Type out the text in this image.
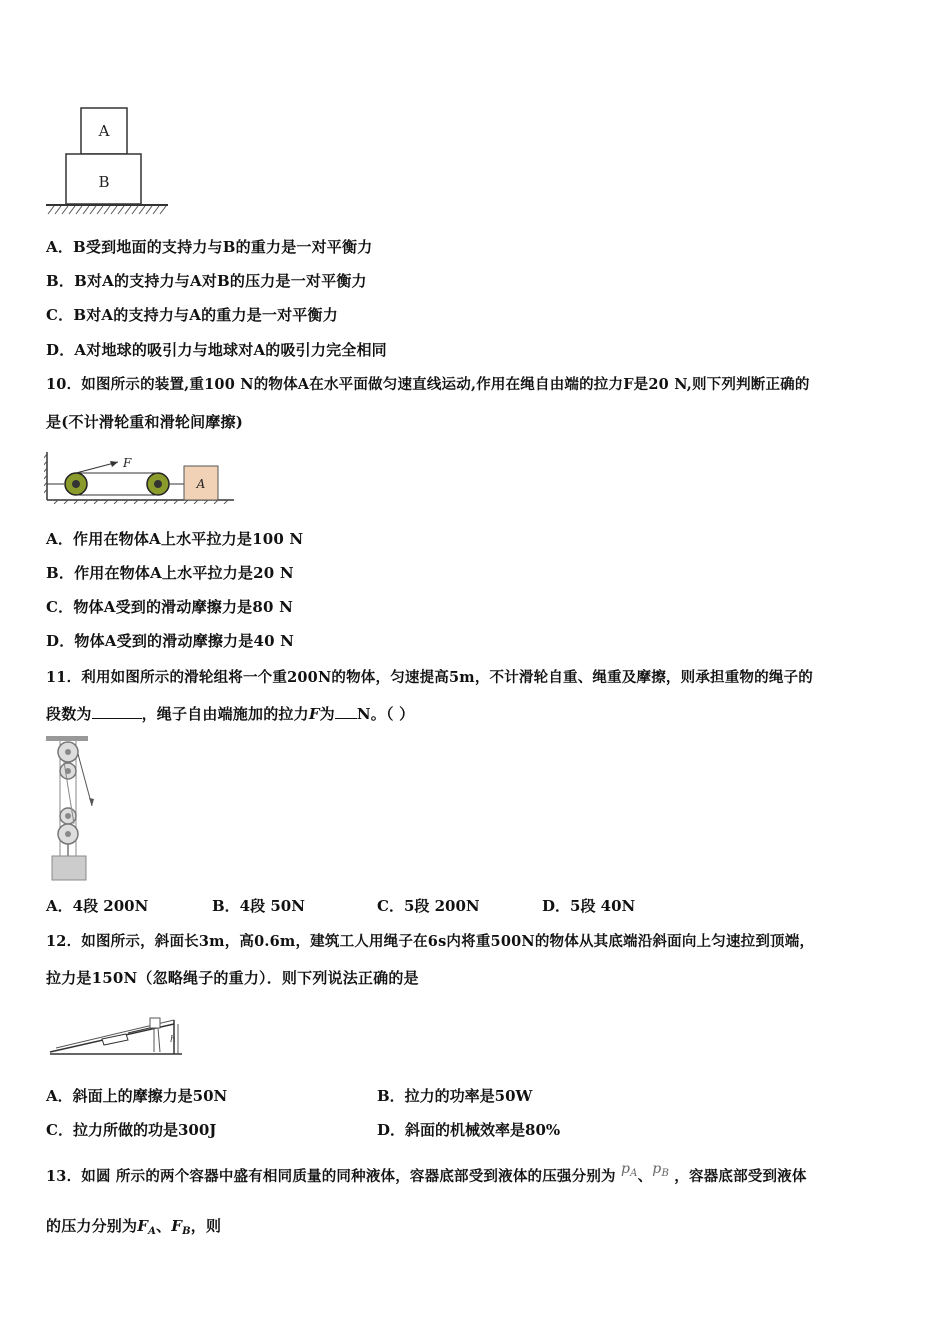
A
B
A．B受到地面的支持力与B的重力是一对平衡力
B．B对A的支持力与A对B的压力是一对平衡力
C．B对A的支持力与A的重力是一对平衡力
D．A对地球的吸引力与地球对A的吸引力完全相同
10．如图所示的装置,重100 N的物体A在水平面做匀速直线运动,作用在绳自由端的拉力F是20 N,则下列判断正确的
是(不计滑轮重和滑轮间摩擦)
F
A
A．作用在物体A上水平拉力是100 N
B．作用在物体A上水平拉力是20 N
C．物体A受到的滑动摩擦力是80 N
D．物体A受到的滑动摩擦力是40 N
11．利用如图所示的滑轮组将一个重200N的物体，匀速提高5m，不计滑轮自重、绳重及摩擦，则承担重物的绳子的
段数为	，绳子自由端施加的拉力F为 N。（ ）
A．4段 200N	B．4段 50N	C．5段 200N	D．5段 40N
12．如图所示，斜面长3m，高0.6m，建筑工人用绳子在6s内将重500N的物体从其底端沿斜面向上匀速拉到顶端，
拉力是150N（忽略绳子的重力）．则下列说法正确的是
h
A．斜面上的摩擦力是50N	B．拉力的功率是50W
C．拉力所做的功是300J	D．斜面的机械效率是80%
13．如圆 所示的两个容器中盛有相同质量的同种液体，容器底部受到液体的压强分别为 $p_A$、$p_B$ ，容器底部受到液体
的压力分别为$F_A$、$F_B$，则
